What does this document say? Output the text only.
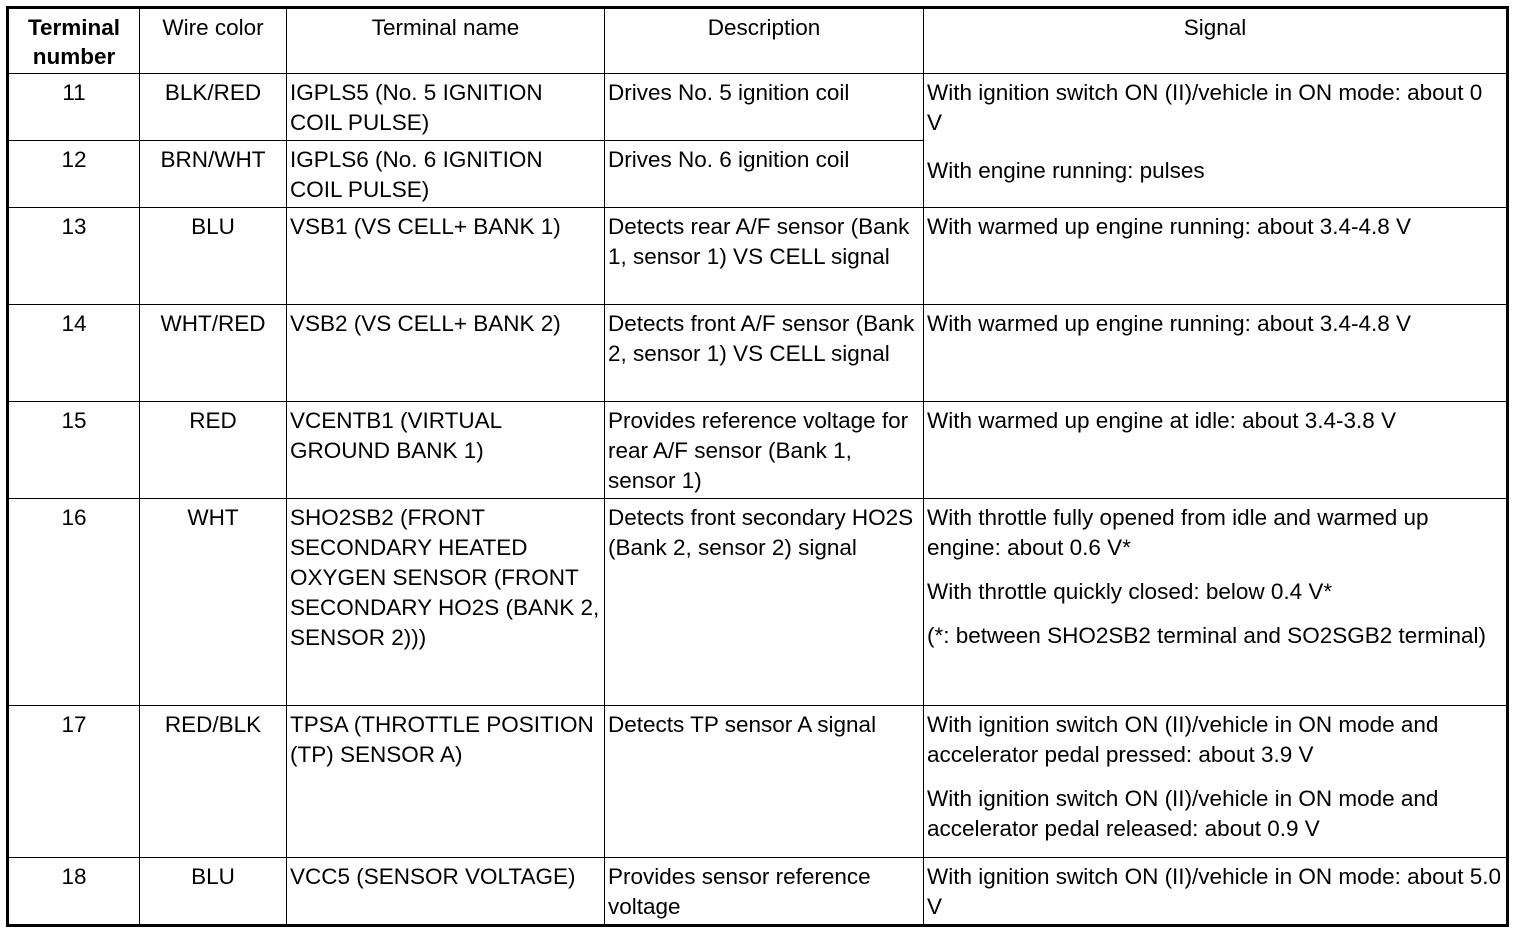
Terminal number	Wire color	Terminal name	Description	Signal
11	BLK/RED	IGPLS5 (No. 5 IGNITION COIL PULSE)	Drives No. 5 ignition coil	With ignition switch ON (II)/vehicle in ON mode: about 0 V
With engine running: pulses

12	BRN/WHT	IGPLS6 (No. 6 IGNITION COIL PULSE)	Drives No. 6 ignition coil	
13	BLU	VSB1 (VS CELL+ BANK 1)	Detects rear A/F sensor (Bank 1, sensor 1) VS CELL signal	With warmed up engine running: about 3.4-4.8 V
14	WHT/RED	VSB2 (VS CELL+ BANK 2)	Detects front A/F sensor (Bank 2, sensor 1) VS CELL signal	With warmed up engine running: about 3.4-4.8 V
15	RED	VCENTB1 (VIRTUAL GROUND BANK 1)	Provides reference voltage for rear A/F sensor (Bank 1, sensor 1)	With warmed up engine at idle: about 3.4-3.8 V
16	WHT	SHO2SB2 (FRONT SECONDARY HEATED OXYGEN SENSOR (FRONT SECONDARY HO2S (BANK 2, SENSOR 2)))	Detects front secondary HO2S (Bank 2, sensor 2) signal	With throttle fully opened from idle and warmed up engine: about 0.6 V*
With throttle quickly closed: below 0.4 V*
(*: between SHO2SB2 terminal and SO2SGB2 terminal)

17	RED/BLK	TPSA (THROTTLE POSITION (TP) SENSOR A)	Detects TP sensor A signal	With ignition switch ON (II)/vehicle in ON mode and accelerator pedal pressed: about 3.9 V
With ignition switch ON (II)/vehicle in ON mode and accelerator pedal released: about 0.9 V

18	BLU	VCC5 (SENSOR VOLTAGE)	Provides sensor reference voltage	With ignition switch ON (II)/vehicle in ON mode: about 5.0 V
